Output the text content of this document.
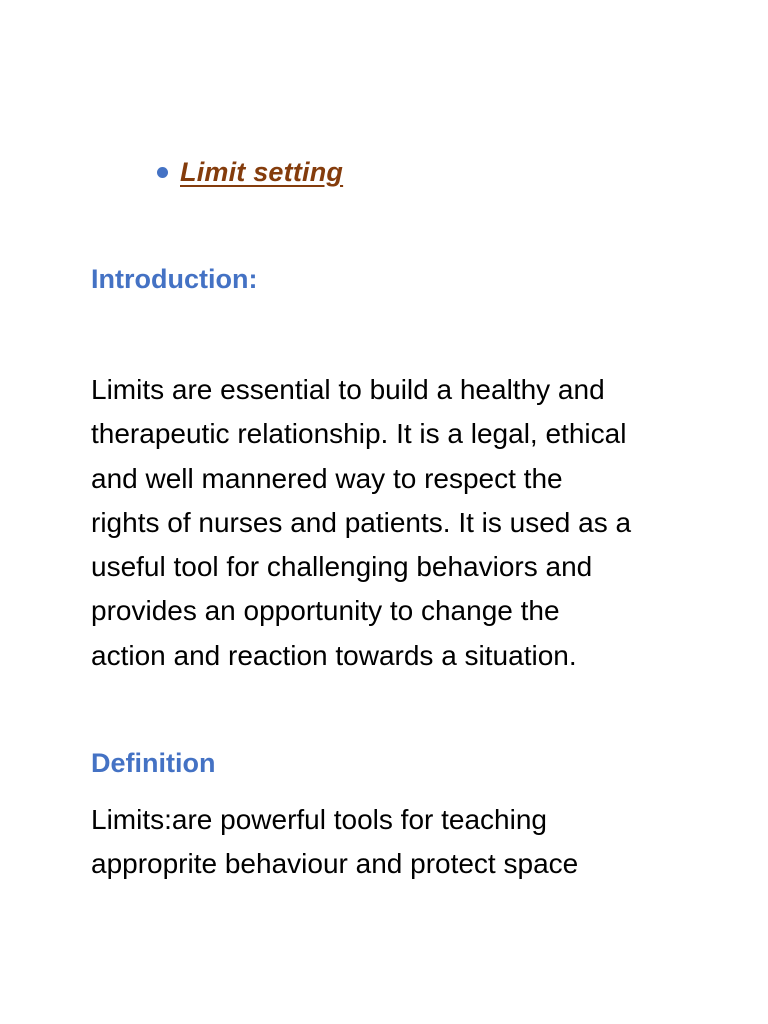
Limit setting
Introduction:

Limits are essential to build a healthy and
therapeutic relationship. It is a legal, ethical
and well mannered way to respect the
rights of nurses and patients. It is used as a
useful tool for challenging behaviors and
provides an opportunity to change the
action and reaction towards a situation.

Definition

Limits:are powerful tools for teaching
approprite behaviour and protect space
